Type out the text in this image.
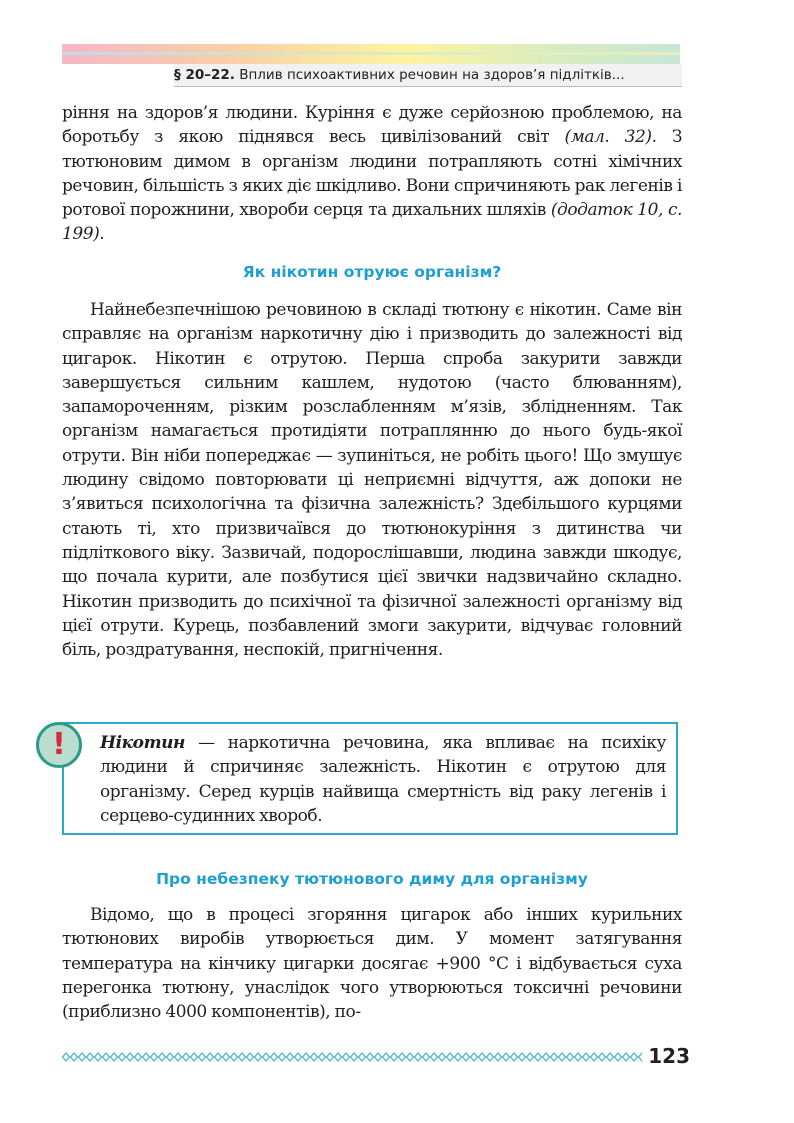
§ 20–22. Вплив психоактивних речовин на здоров’я підлітків...

ріння на здоров’я людини. Куріння є дуже серйозною проблемою, на боротьбу з якою піднявся весь цивілізований світ (мал. 32). З тютюновим димом в організм людини потрапляють сотні хімічних речовин, більшість з яких діє шкідливо. Вони спричиняють рак легенів і ротової порожнини, хвороби серця та дихальних шляхів (додаток 10, с. 199).

Як нікотин отруює організм?

Найнебезпечнішою речовиною в складі тютюну є нікотин. Саме він справляє на організм наркотичну дію і призводить до залежності від цигарок. Нікотин є отрутою. Перша спроба закурити завжди завершується сильним кашлем, нудотою (часто блюванням), запамороченням, різким розслабленням м’язів, зблідненням. Так організм намагається протидіяти потраплянню до нього будь-якої отрути. Він ніби попереджає — зупиніться, не робіть цього! Що змушує людину свідомо повторювати ці неприємні відчуття, аж допоки не з’явиться психологічна та фізична залежність? Здебільшого курцями стають ті, хто призвичаївся до тютюнокуріння з дитинства чи підліткового віку. Зазвичай, подорослішавши, людина завжди шкодує, що почала курити, але позбутися цієї звички надзвичайно складно. Нікотин призводить до психічної та фізичної залежності організму від цієї отрути. Курець, позбавлений змоги закурити, відчуває головний біль, роздратування, неспокій, пригнічення.

! Нікотин — наркотична речовина, яка впливає на психіку людини й спричиняє залежність. Нікотин є отрутою для організму. Серед курців найвища смертність від раку легенів і серцево-судинних хвороб.
Про небезпеку тютюнового диму для організму

Відомо, що в процесі згоряння цигарок або інших курильних тютюнових виробів утворюється дим. У момент затягування температура на кінчику цигарки досягає +900 °С і відбувається суха перегонка тютюну, унаслідок чого утворюються токсичні речовини (приблизно 4000 компонентів), по-

123
